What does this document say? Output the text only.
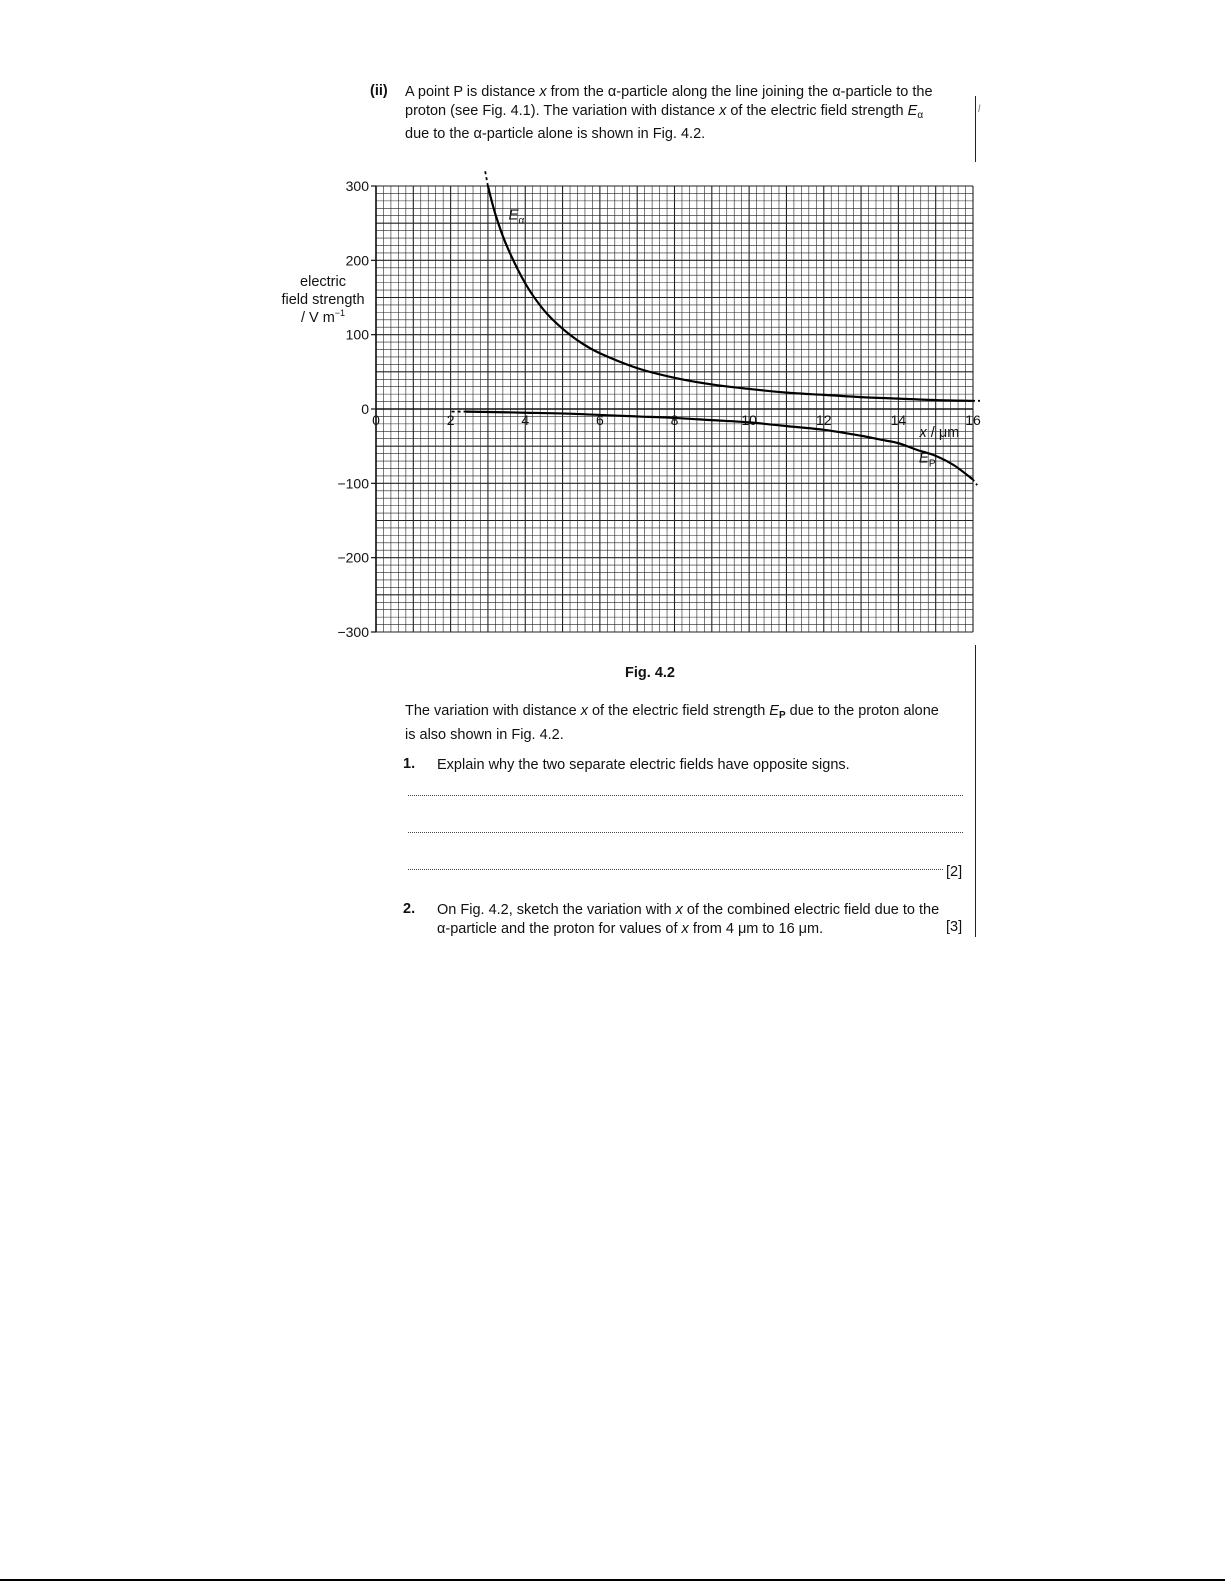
(ii) A point P is distance x from the α-particle along the line joining the α-particle to the
proton (see Fig. 4.1). The variation with distance x of the electric field strength $E_\alpha$
due to the α-particle alone is shown in Fig. 4.2.
l
300
200
100
0
−100
−200
−300
0	2	4	6	8	10	12	14	16
electric
field strength
/ V $m^{-1}$
x / μm
$E_\alpha$
$E_P$
Fig. 4.2
The variation with distance x of the electric field strength $E_P$ due to the proton alone
is also shown in Fig. 4.2.
1. Explain why the two separate electric fields have opposite signs.
[2]
2. On Fig. 4.2, sketch the variation with x of the combined electric field due to the
α-particle and the proton for values of x from 4 μm to 16 μm.	[3]
